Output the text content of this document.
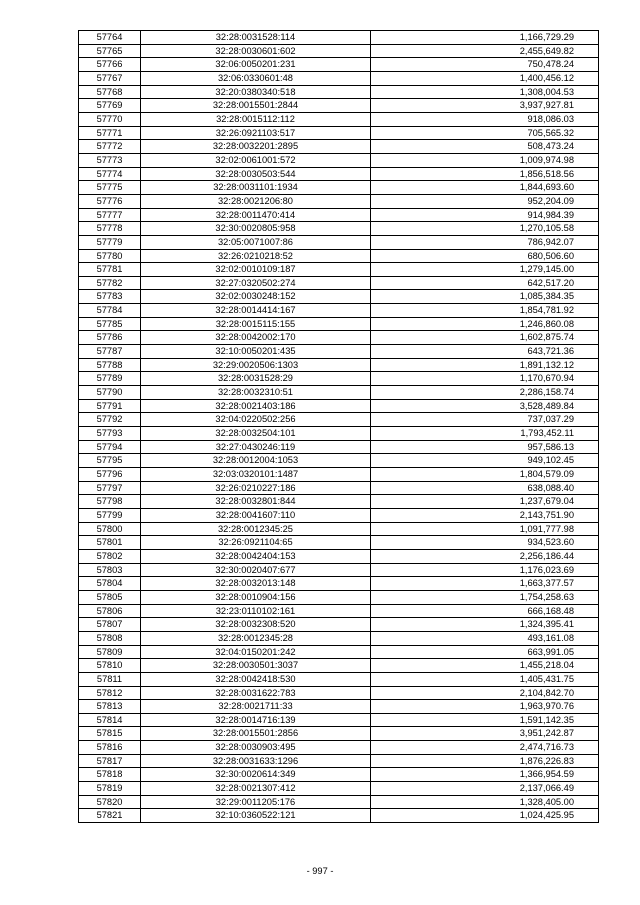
57764	32:28:0031528:114	1,166,729.29
57765	32:28:0030601:602	2,455,649.82
57766	32:06:0050201:231	750,478.24
57767	32:06:0330601:48	1,400,456.12
57768	32:20:0380340:518	1,308,004.53
57769	32:28:0015501:2844	3,937,927.81
57770	32:28:0015112:112	918,086.03
57771	32:26:0921103:517	705,565.32
57772	32:28:0032201:2895	508,473.24
57773	32:02:0061001:572	1,009,974.98
57774	32:28:0030503:544	1,856,518.56
57775	32:28:0031101:1934	1,844,693.60
57776	32:28:0021206:80	952,204.09
57777	32:28:0011470:414	914,984.39
57778	32:30:0020805:958	1,270,105.58
57779	32:05:0071007:86	786,942.07
57780	32:26:0210218:52	680,506.60
57781	32:02:0010109:187	1,279,145.00
57782	32:27:0320502:274	642,517.20
57783	32:02:0030248:152	1,085,384.35
57784	32:28:0014414:167	1,854,781.92
57785	32:28:0015115:155	1,246,860.08
57786	32:28:0042002:170	1,602,875.74
57787	32:10:0050201:435	643,721.36
57788	32:29:0020506:1303	1,891,132.12
57789	32:28:0031528:29	1,170,670.94
57790	32:28:0032310:51	2,286,158.74
57791	32:28:0021403:186	3,528,489.84
57792	32:04:0220502:256	737,037.29
57793	32:28:0032504:101	1,793,452.11
57794	32:27:0430246:119	957,586.13
57795	32:28:0012004:1053	949,102.45
57796	32:03:0320101:1487	1,804,579.09
57797	32:26:0210227:186	638,088.40
57798	32:28:0032801:844	1,237,679.04
57799	32:28:0041607:110	2,143,751.90
57800	32:28:0012345:25	1,091,777.98
57801	32:26:0921104:65	934,523.60
57802	32:28:0042404:153	2,256,186.44
57803	32:30:0020407:677	1,176,023.69
57804	32:28:0032013:148	1,663,377.57
57805	32:28:0010904:156	1,754,258.63
57806	32:23:0110102:161	666,168.48
57807	32:28:0032308:520	1,324,395.41
57808	32:28:0012345:28	493,161.08
57809	32:04:0150201:242	663,991.05
57810	32:28:0030501:3037	1,455,218.04
57811	32:28:0042418:530	1,405,431.75
57812	32:28:0031622:783	2,104,842.70
57813	32:28:0021711:33	1,963,970.76
57814	32:28:0014716:139	1,591,142.35
57815	32:28:0015501:2856	3,951,242.87
57816	32:28:0030903:495	2,474,716.73
57817	32:28:0031633:1296	1,876,226.83
57818	32:30:0020614:349	1,366,954.59
57819	32:28:0021307:412	2,137,066.49
57820	32:29:0011205:176	1,328,405.00
57821	32:10:0360522:121	1,024,425.95
- 997 -
